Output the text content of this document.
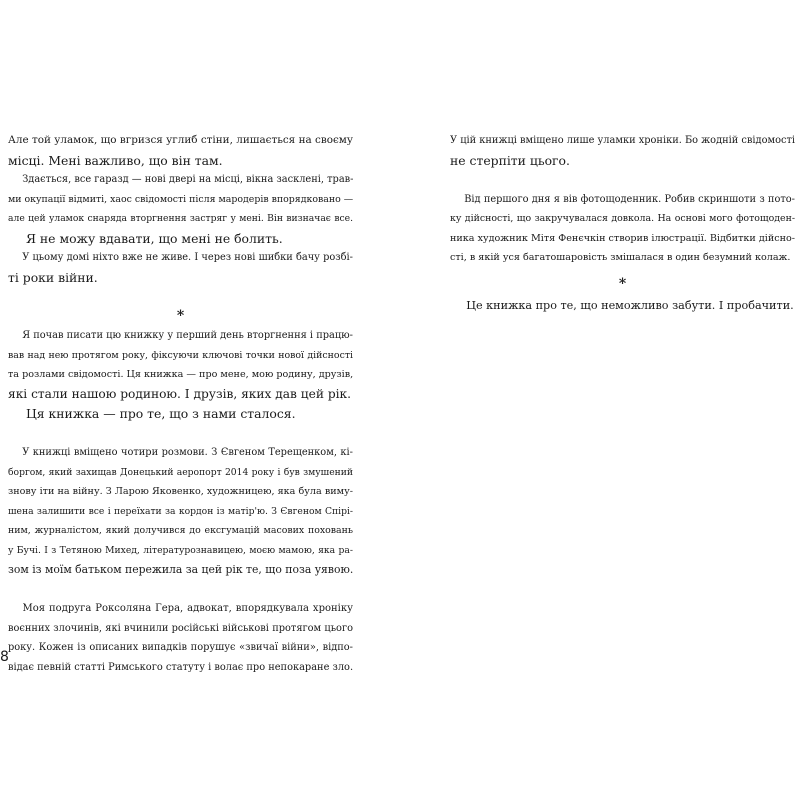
Але той уламок, що вгризся углиб стіни, лишається на своєму
місці. Мені важливо, що він там.
Здається, все гаразд — нові двері на місці, вікна засклені, трав-
ми окупації відмиті, хаос свідомості після мародерів впорядковано —
але цей уламок снаряда вторгнення застряг у мені. Він визначає все.
Я не можу вдавати, що мені не болить.
У цьому домі ніхто вже не живе. І через нові шибки бачу розбі-
ті роки війни.
*
Я почав писати цю книжку у перший день вторгнення і працю-
вав над нею протягом року, фіксуючи ключові точки нової дійсності
та розлами свідомості. Ця книжка — про мене, мою родину, друзів,
які стали нашою родиною. І друзів, яких дав цей рік.
Ця книжка — про те, що з нами сталося.
У книжці вміщено чотири розмови. З Євгеном Терещенком, кі-
боргом, який захищав Донецький аеропорт 2014 року і був змушений
знову іти на війну. З Ларою Яковенко, художницею, яка була виму-
шена залишити все і переїхати за кордон із матір'ю. З Євгеном Спірі-
ним, журналістом, який долучився до ексгумацій масових поховань
у Бучі. І з Тетяною Михед, літературознавицею, моєю мамою, яка ра-
зом із моїм батьком пережила за цей рік те, що поза уявою.
Моя подруга Роксоляна Гера, адвокат, впорядкувала хроніку
воєнних злочинів, які вчинили російські військові протягом цього
року. Кожен із описаних випадків порушує «звичаї війни», відпо-
відає певній статті Римського статуту і волає про непокаране зло.
8
У цій книжці вміщено лише уламки хроніки. Бо жодній свідомості
не стерпіти цього.
Від першого дня я вів фотощоденник. Робив скриншоти з пото-
ку дійсності, що закручувалася довкола. На основі мого фотощоден-
ника художник Мітя Фенєчкін створив ілюстрації. Відбитки дійсно-
сті, в якій уся багатошаровість змішалася в один безумний колаж.
*
Це книжка про те, що неможливо забути. І пробачити.
